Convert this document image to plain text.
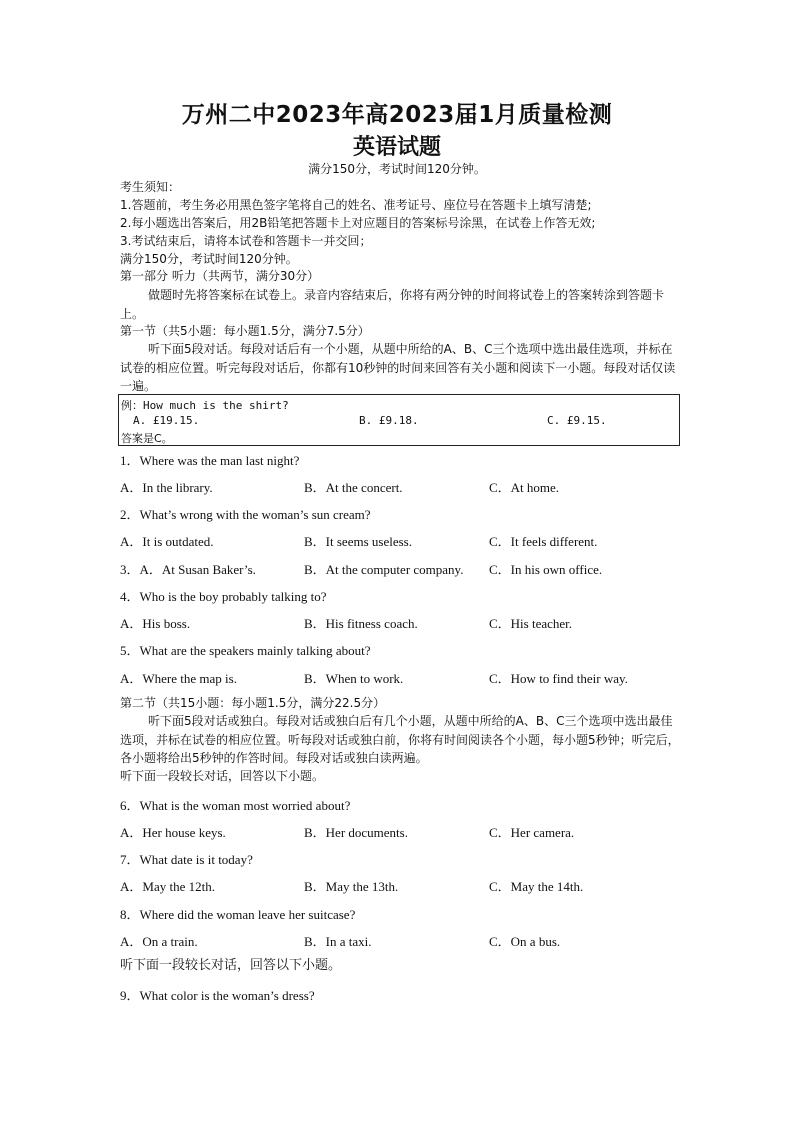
万州二中2023年高2023届1月质量检测
英语试题
满分150分，考试时间120分钟。
考生须知：
1.答题前，考生务必用黑色签字笔将自己的姓名、准考证号、座位号在答题卡上填写清楚;
2.每小题选出答案后，用2B铅笔把答题卡上对应题目的答案标号涂黑，在试卷上作答无效;
3.考试结束后，请将本试卷和答题卡一并交回；
满分150分，考试时间120分钟。
第一部分 听力（共两节，满分30分）
做题时先将答案标在试卷上。录音内容结束后，你将有两分钟的时间将试卷上的答案转涂到答题卡上。
第一节（共5小题：每小题1.5分，满分7.5分）
听下面5段对话。每段对话后有一个小题，从题中所给的A、B、C三个选项中选出最佳选项，并标在试卷的相应位置。听完每段对话后，你都有10秒钟的时间来回答有关小题和阅读下一小题。每段对话仅读一遍。
例：How much is the shirt?
A. £19.15.	B. £9.18.	C. £9.15.
答案是C。
1．Where was the man last night?
A．In the library.	B．At the concert.	C．At home.
2．What’s wrong with the woman’s sun cream?
A．It is outdated.	B．It seems useless.	C．It feels different.
3．A．At Susan Baker’s.	B．At the computer company. C．In his own office.
4．Who is the boy probably talking to?
A．His boss.	B．His fitness coach.	C．His teacher.
5．What are the speakers mainly talking about?
A．Where the map is.	B．When to work.	C．How to find their way.
第二节（共15小题：每小题1.5分，满分22.5分）
听下面5段对话或独白。每段对话或独白后有几个小题，从题中所给的A、B、C三个选项中选出最佳选项，并标在试卷的相应位置。听每段对话或独白前，你将有时间阅读各个小题，每小题5秒钟；听完后，各小题将给出5秒钟的作答时间。每段对话或独白读两遍。
听下面一段较长对话，回答以下小题。
6．What is the woman most worried about?
A．Her house keys.	B．Her documents.	C．Her camera.
7．What date is it today?
A．May the 12th.	B．May the 13th.	C．May the 14th.
8．Where did the woman leave her suitcase?
A．On a train.	B．In a taxi.	C．On a bus.
听下面一段较长对话，回答以下小题。
9．What color is the woman’s dress?
